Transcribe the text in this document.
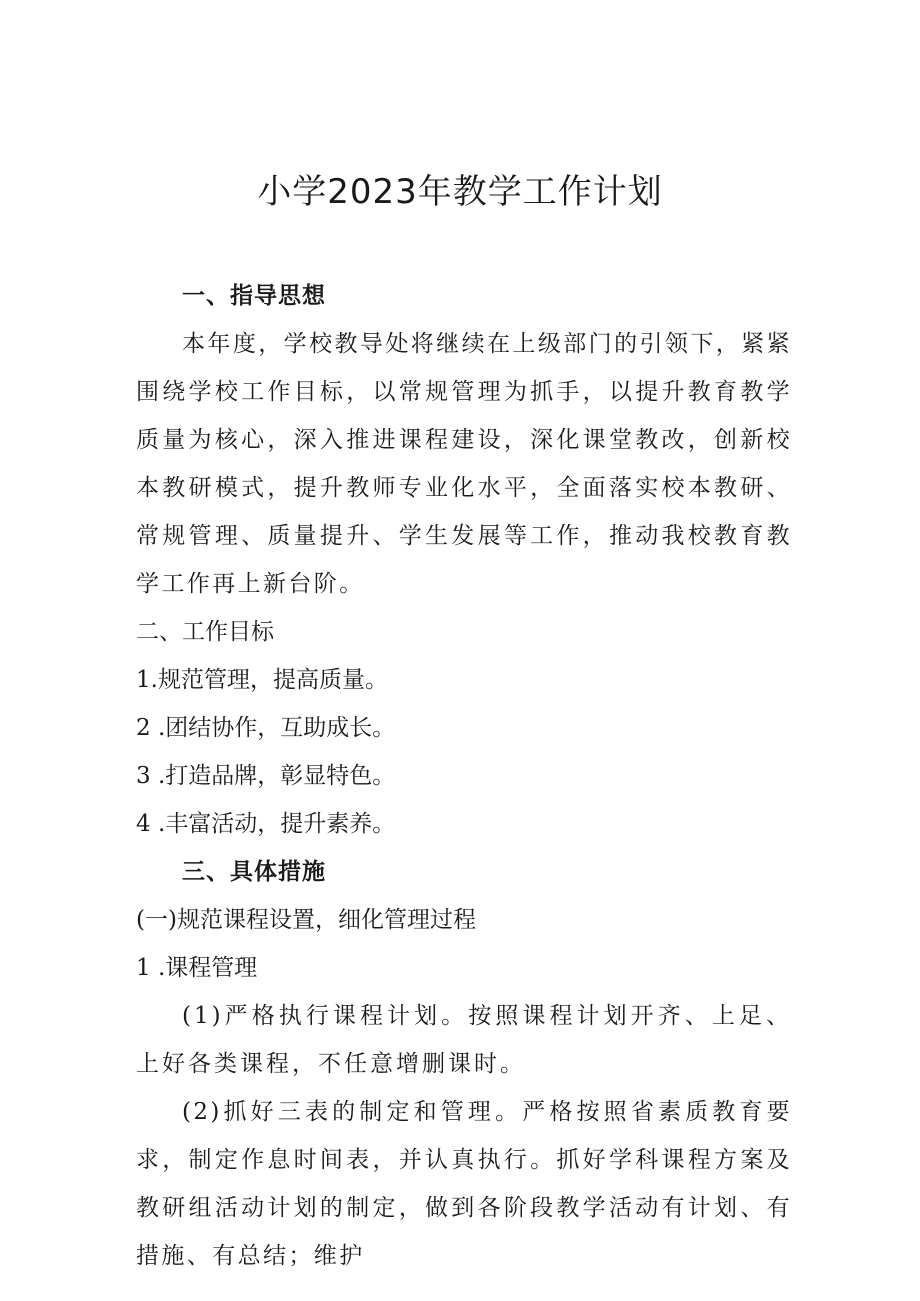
小学2023年教学工作计划

一、指导思想

本年度，学校教导处将继续在上级部门的引领下，紧紧围绕学校工作目标，以常规管理为抓手，以提升教育教学质量为核心，深入推进课程建设，深化课堂教改，创新校本教研模式，提升教师专业化水平，全面落实校本教研、常规管理、质量提升、学生发展等工作，推动我校教育教学工作再上新台阶。

二、工作目标

1.规范管理，提高质量。

2 .团结协作，互助成长。

3 .打造品牌，彰显特色。

4 .丰富活动，提升素养。

三、具体措施

(一)规范课程设置，细化管理过程

1 .课程管理

(1)严格执行课程计划。按照课程计划开齐、上足、上好各类课程，不任意增删课时。

(2)抓好三表的制定和管理。严格按照省素质教育要求，制定作息时间表，并认真执行。抓好学科课程方案及教研组活动计划的制定，做到各阶段教学活动有计划、有措施、有总结；维护
